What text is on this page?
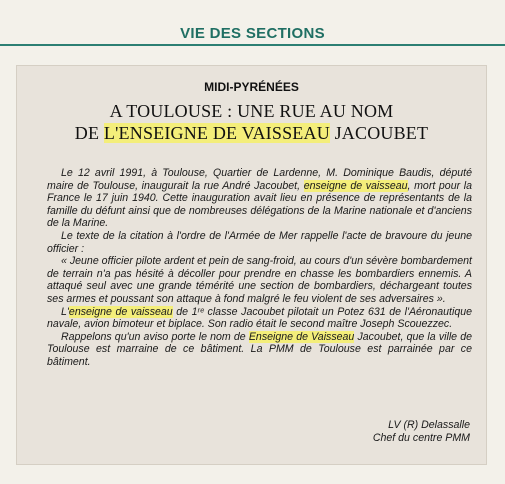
VIE DES SECTIONS
MIDI-PYRÉNÉES
A TOULOUSE : UNE RUE AU NOM
DE L'ENSEIGNE DE VAISSEAU JACOUBET

Le 12 avril 1991, à Toulouse, Quartier de Lardenne, M. Dominique Baudis, député maire de Toulouse, inaugurait la rue André Jacoubet, enseigne de vaisseau, mort pour la France le 17 juin 1940. Cette inauguration avait lieu en présence de représentants de la famille du défunt ainsi que de nombreuses délégations de la Marine nationale et d'anciens de la Marine.

Le texte de la citation à l'ordre de l'Armée de Mer rappelle l'acte de bravoure du jeune officier :

« Jeune officier pilote ardent et pein de sang-froid, au cours d'un sévère bombardement de terrain n'a pas hésité à décoller pour prendre en chasse les bombardiers ennemis. A attaqué seul avec une grande témérité une section de bombardiers, déchargeant toutes ses armes et poussant son attaque à fond malgré le feu violent de ses adversaires ».

L'enseigne de vaisseau de 1ʳᵉ classe Jacoubet pilotait un Potez 631 de l'Aéronautique navale, avion bimoteur et biplace. Son radio était le second maître Joseph Scouezzec.

Rappelons qu'un aviso porte le nom de Enseigne de Vaisseau Jacoubet, que la ville de Toulouse est marraine de ce bâtiment. La PMM de Toulouse est parrainée par ce bâtiment.

LV (R) Delassalle
Chef du centre PMM
